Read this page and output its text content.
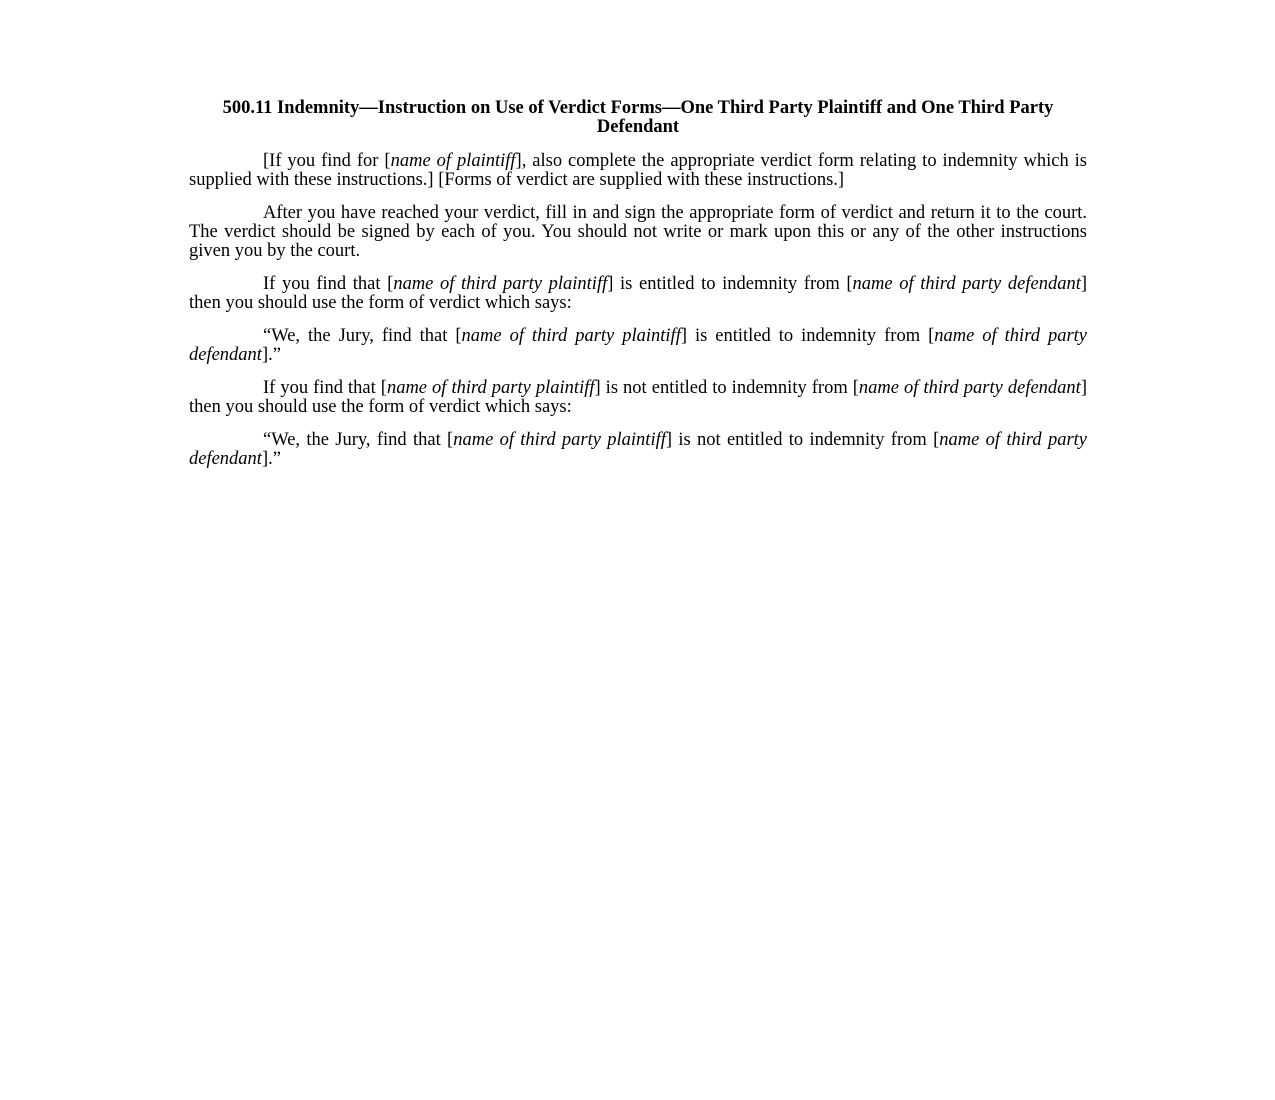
500.11 Indemnity—Instruction on Use of Verdict Forms—One Third Party Plaintiff and One Third Party Defendant

[If you find for [name of plaintiff], also complete the appropriate verdict form relating to indemnity which is supplied with these instructions.] [Forms of verdict are supplied with these instructions.]

After you have reached your verdict, fill in and sign the appropriate form of verdict and return it to the court. The verdict should be signed by each of you. You should not write or mark upon this or any of the other instructions given you by the court.

If you find that [name of third party plaintiff] is entitled to indemnity from [name of third party defendant] then you should use the form of verdict which says:

“We, the Jury, find that [name of third party plaintiff] is entitled to indemnity from [name of third party defendant].”

If you find that [name of third party plaintiff] is not entitled to indemnity from [name of third party defendant] then you should use the form of verdict which says:

“We, the Jury, find that [name of third party plaintiff] is not entitled to indemnity from [name of third party defendant].”
